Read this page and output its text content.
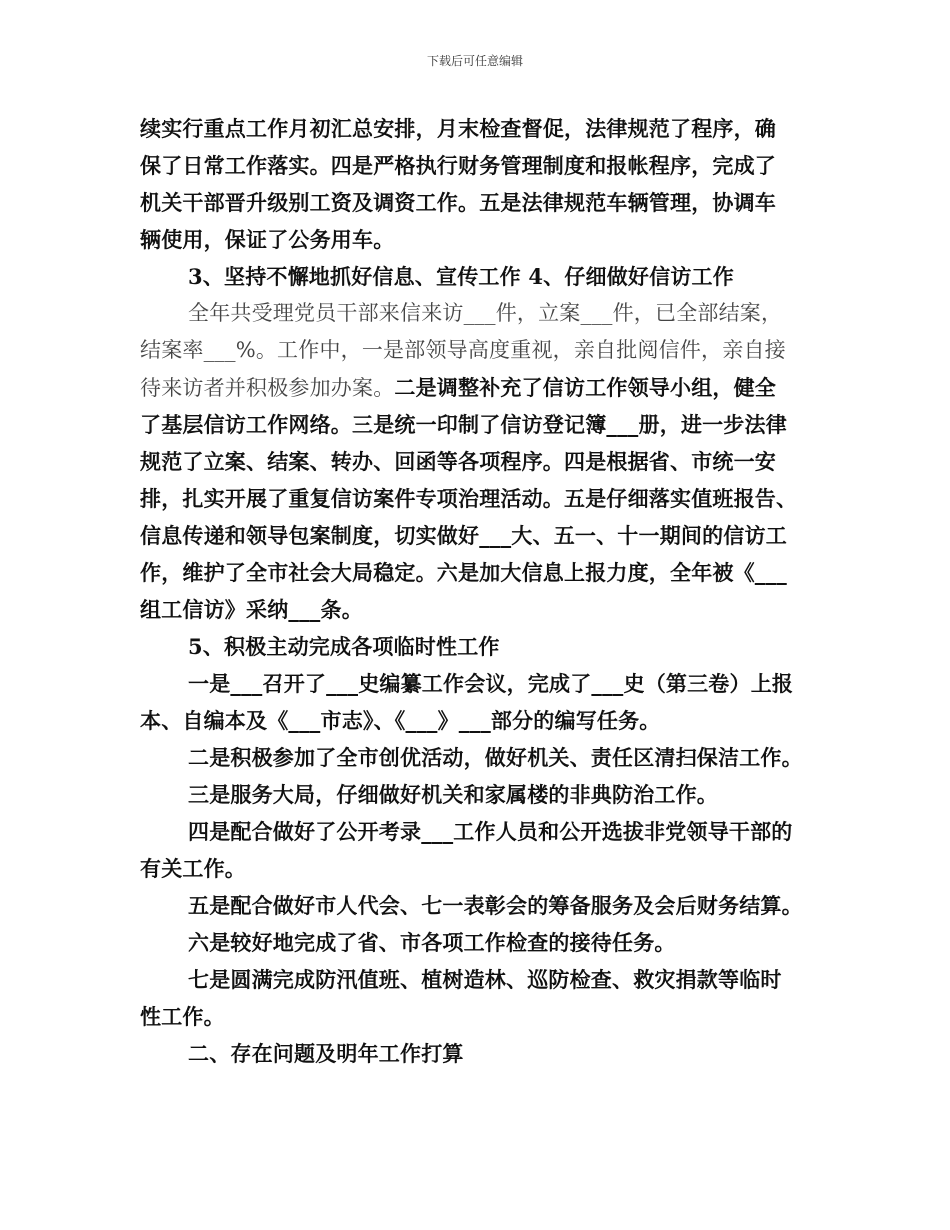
下载后可任意编辑
续实行重点工作月初汇总安排，月末检查督促，法律规范了程序，确
保了日常工作落实。四是严格执行财务管理制度和报帐程序，完成了
机关干部晋升级别工资及调资工作。五是法律规范车辆管理，协调车
辆使用，保证了公务用车。
3、坚持不懈地抓好信息、宣传工作 4、仔细做好信访工作
全年共受理党员干部来信来访___件，立案___件，已全部结案，
结案率___%。工作中，一是部领导高度重视，亲自批阅信件，亲自接
待来访者并积极参加办案。二是调整补充了信访工作领导小组，健全
了基层信访工作网络。三是统一印制了信访登记簿___册，进一步法律
规范了立案、结案、转办、回函等各项程序。四是根据省、市统一安
排，扎实开展了重复信访案件专项治理活动。五是仔细落实值班报告、
信息传递和领导包案制度，切实做好___大、五一、十一期间的信访工
作，维护了全市社会大局稳定。六是加大信息上报力度，全年被《___
组工信访》采纳___条。
5、积极主动完成各项临时性工作
一是___召开了___史编纂工作会议，完成了___史（第三卷）上报
本、自编本及《___市志》、《___》___部分的编写任务。
二是积极参加了全市创优活动，做好机关、责任区清扫保洁工作。
三是服务大局，仔细做好机关和家属楼的非典防治工作。
四是配合做好了公开考录___工作人员和公开选拔非党领导干部的
有关工作。
五是配合做好市人代会、七一表彰会的筹备服务及会后财务结算。
六是较好地完成了省、市各项工作检查的接待任务。
七是圆满完成防汛值班、植树造林、巡防检查、救灾捐款等临时
性工作。
二、存在问题及明年工作打算
